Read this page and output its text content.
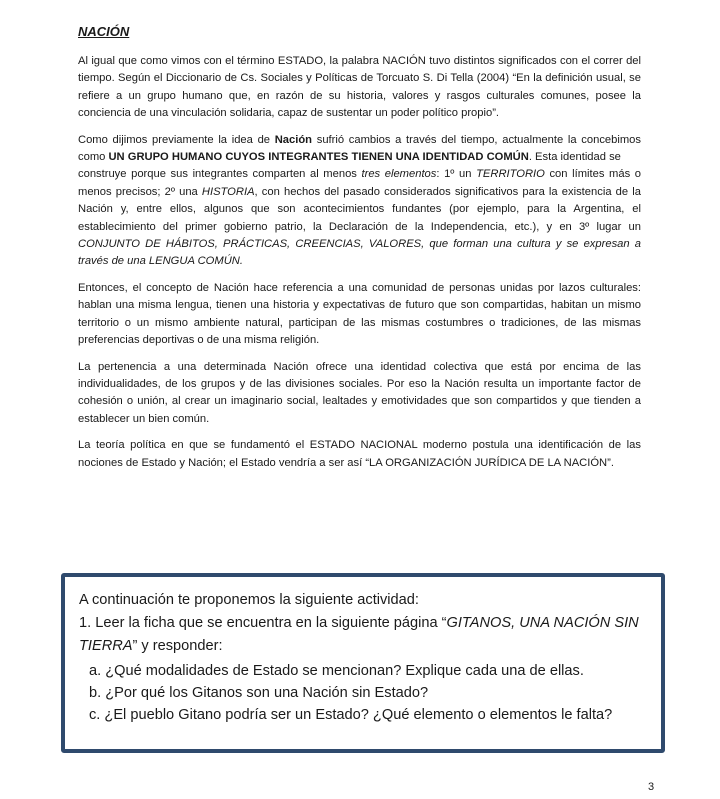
NACIÓN

Al igual que como vimos con el término ESTADO, la palabra NACIÓN tuvo distintos significados con el correr del tiempo. Según el Diccionario de Cs. Sociales y Políticas de Torcuato S. Di Tella (2004) “En la definición usual, se refiere a un grupo humano que, en razón de su historia, valores y rasgos culturales comunes, posee la conciencia de una vinculación solidaria, capaz de sustentar un poder político propio”.

Como dijimos previamente la idea de Nación sufrió cambios a través del tiempo, actualmente la concebimos como UN GRUPO HUMANO CUYOS INTEGRANTES TIENEN UNA IDENTIDAD COMÚN. Esta identidad se

construye porque sus integrantes comparten al menos tres elementos: 1º un TERRITORIO con límites más o menos precisos; 2º una HISTORIA, con hechos del pasado considerados significativos para la existencia de la Nación y, entre ellos, algunos que son acontecimientos fundantes (por ejemplo, para la Argentina, el establecimiento del primer gobierno patrio, la Declaración de la Independencia, etc.), y en 3º lugar un CONJUNTO DE HÁBITOS, PRÁCTICAS, CREENCIAS, VALORES, que forman una cultura y se expresan a través de una LENGUA COMÚN.

Entonces, el concepto de Nación hace referencia a una comunidad de personas unidas por lazos culturales: hablan una misma lengua, tienen una historia y expectativas de futuro que son compartidas, habitan un mismo territorio o un mismo ambiente natural, participan de las mismas costumbres o tradiciones, de las mismas preferencias deportivas o de una misma religión.

La pertenencia a una determinada Nación ofrece una identidad colectiva que está por encima de las individualidades, de los grupos y de las divisiones sociales. Por eso la Nación resulta un importante factor de cohesión o unión, al crear un imaginario social, lealtades y emotividades que son compartidos y que tienden a establecer un bien común.

La teoría política en que se fundamentó el ESTADO NACIONAL moderno postula una identificación de las nociones de Estado y Nación; el Estado vendría a ser así “LA ORGANIZACIÓN JURÍDICA DE LA NACIÓN”.

A continuación te proponemos la siguiente actividad:

1. Leer la ficha que se encuentra en la siguiente página “GITANOS, UNA NACIÓN SIN TIERRA” y responder:

a. ¿Qué modalidades de Estado se mencionan? Explique cada una de ellas.
b. ¿Por qué los Gitanos son una Nación sin Estado?
c. ¿El pueblo Gitano podría ser un Estado? ¿Qué elemento o elementos le falta?
3
